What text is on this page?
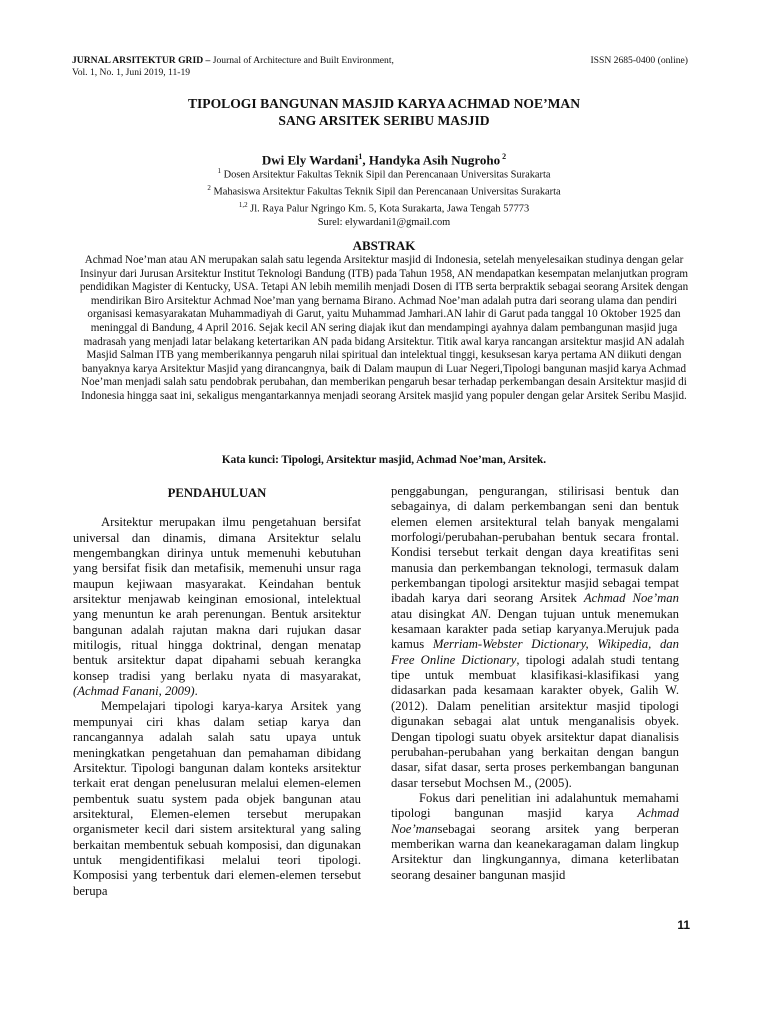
JURNAL ARSITEKTUR GRID – Journal of Architecture and Built Environment,
Vol. 1, No. 1, Juni 2019, 11-19
ISSN 2685-0400 (online)
TIPOLOGI BANGUNAN MASJID KARYA ACHMAD NOE’MAN
SANG ARSITEK SERIBU MASJID
Dwi Ely Wardani$^1$, Handyka Asih Nugroho $^2$
$^1$ Dosen Arsitektur Fakultas Teknik Sipil dan Perencanaan Universitas Surakarta
$^2$ Mahasiswa Arsitektur Fakultas Teknik Sipil dan Perencanaan Universitas Surakarta
$^{1,2}$ Jl. Raya Palur Ngringo Km. 5, Kota Surakarta, Jawa Tengah 57773
Surel: elywardani1@gmail.com
ABSTRAK
Achmad Noe’man atau AN merupakan salah satu legenda Arsitektur masjid di Indonesia, setelah menyelesaikan studinya dengan gelar Insinyur dari Jurusan Arsitektur Institut Teknologi Bandung (ITB) pada Tahun 1958, AN mendapatkan kesempatan melanjutkan program pendidikan Magister di Kentucky, USA. Tetapi AN lebih memilih menjadi Dosen di ITB serta berpraktik sebagai seorang Arsitek dengan mendirikan Biro Arsitektur Achmad Noe’man yang bernama Birano. Achmad Noe’man adalah putra dari seorang ulama dan pendiri organisasi kemasyarakatan Muhammadiyah di Garut, yaitu Muhammad Jamhari.AN lahir di Garut pada tanggal 10 Oktober 1925 dan meninggal di Bandung, 4 April 2016. Sejak kecil AN sering diajak ikut dan mendampingi ayahnya dalam pembangunan masjid juga madrasah yang menjadi latar belakang ketertarikan AN pada bidang Arsitektur. Titik awal karya rancangan arsitektur masjid AN adalah Masjid Salman ITB yang memberikannya pengaruh nilai spiritual dan intelektual tinggi, kesuksesan karya pertama AN diikuti dengan banyaknya karya Arsitektur Masjid yang dirancangnya, baik di Dalam maupun di Luar Negeri,Tipologi bangunan masjid karya Achmad Noe’man menjadi salah satu pendobrak perubahan, dan memberikan pengaruh besar terhadap perkembangan desain Arsitektur masjid di Indonesia hingga saat ini, sekaligus mengantarkannya menjadi seorang Arsitek masjid yang populer dengan gelar Arsitek Seribu Masjid.
Kata kunci: Tipologi, Arsitektur masjid, Achmad Noe’man, Arsitek.
PENDAHULUAN

Arsitektur merupakan ilmu pengetahuan bersifat universal dan dinamis, dimana Arsitektur selalu mengembangkan dirinya untuk memenuhi kebutuhan yang bersifat fisik dan metafisik, memenuhi unsur raga maupun kejiwaan masyarakat. Keindahan bentuk arsitektur menjawab keinginan emosional, intelektual yang menuntun ke arah perenungan. Bentuk arsitektur bangunan adalah rajutan makna dari rujukan dasar mitilogis, ritual hingga doktrinal, dengan menatap bentuk arsitektur dapat dipahami sebuah kerangka konsep tradisi yang berlaku nyata di masyarakat, (Achmad Fanani, 2009).

Mempelajari tipologi karya-karya Arsitek yang mempunyai ciri khas dalam setiap karya dan rancangannya adalah salah satu upaya untuk meningkatkan pengetahuan dan pemahaman dibidang Arsitektur. Tipologi bangunan dalam konteks arsitektur terkait erat dengan penelusuran melalui elemen-elemen pembentuk suatu system pada objek bangunan atau arsitektural, Elemen-elemen tersebut merupakan organismeter kecil dari sistem arsitektural yang saling berkaitan membentuk sebuah komposisi, dan digunakan untuk mengidentifikasi melalui teori tipologi. Komposisi yang terbentuk dari elemen-elemen tersebut berupa

penggabungan, pengurangan, stilirisasi bentuk dan sebagainya, di dalam perkembangan seni dan bentuk elemen elemen arsitektural telah banyak mengalami morfologi/perubahan-perubahan bentuk secara frontal. Kondisi tersebut terkait dengan daya kreatifitas seni manusia dan perkembangan teknologi, termasuk dalam perkembangan tipologi arsitektur masjid sebagai tempat ibadah karya dari seorang Arsitek Achmad Noe’man atau disingkat AN. Dengan tujuan untuk menemukan kesamaan karakter pada setiap karyanya.Merujuk pada kamus Merriam-Webster Dictionary, Wikipedia, dan Free Online Dictionary, tipologi adalah studi tentang tipe untuk membuat klasifikasi-klasifikasi yang didasarkan pada kesamaan karakter obyek, Galih W. (2012). Dalam penelitian arsitektur masjid tipologi digunakan sebagai alat untuk menganalisis obyek. Dengan tipologi suatu obyek arsitektur dapat dianalisis perubahan-perubahan yang berkaitan dengan bangun dasar, sifat dasar, serta proses perkembangan bangunan dasar tersebut Mochsen M., (2005).

Fokus dari penelitian ini adalahuntuk memahami tipologi bangunan masjid karya Achmad Noe’mansebagai seorang arsitek yang berperan memberikan warna dan keanekaragaman dalam lingkup Arsitektur dan lingkungannya, dimana keterlibatan seorang desainer bangunan masjid

11
